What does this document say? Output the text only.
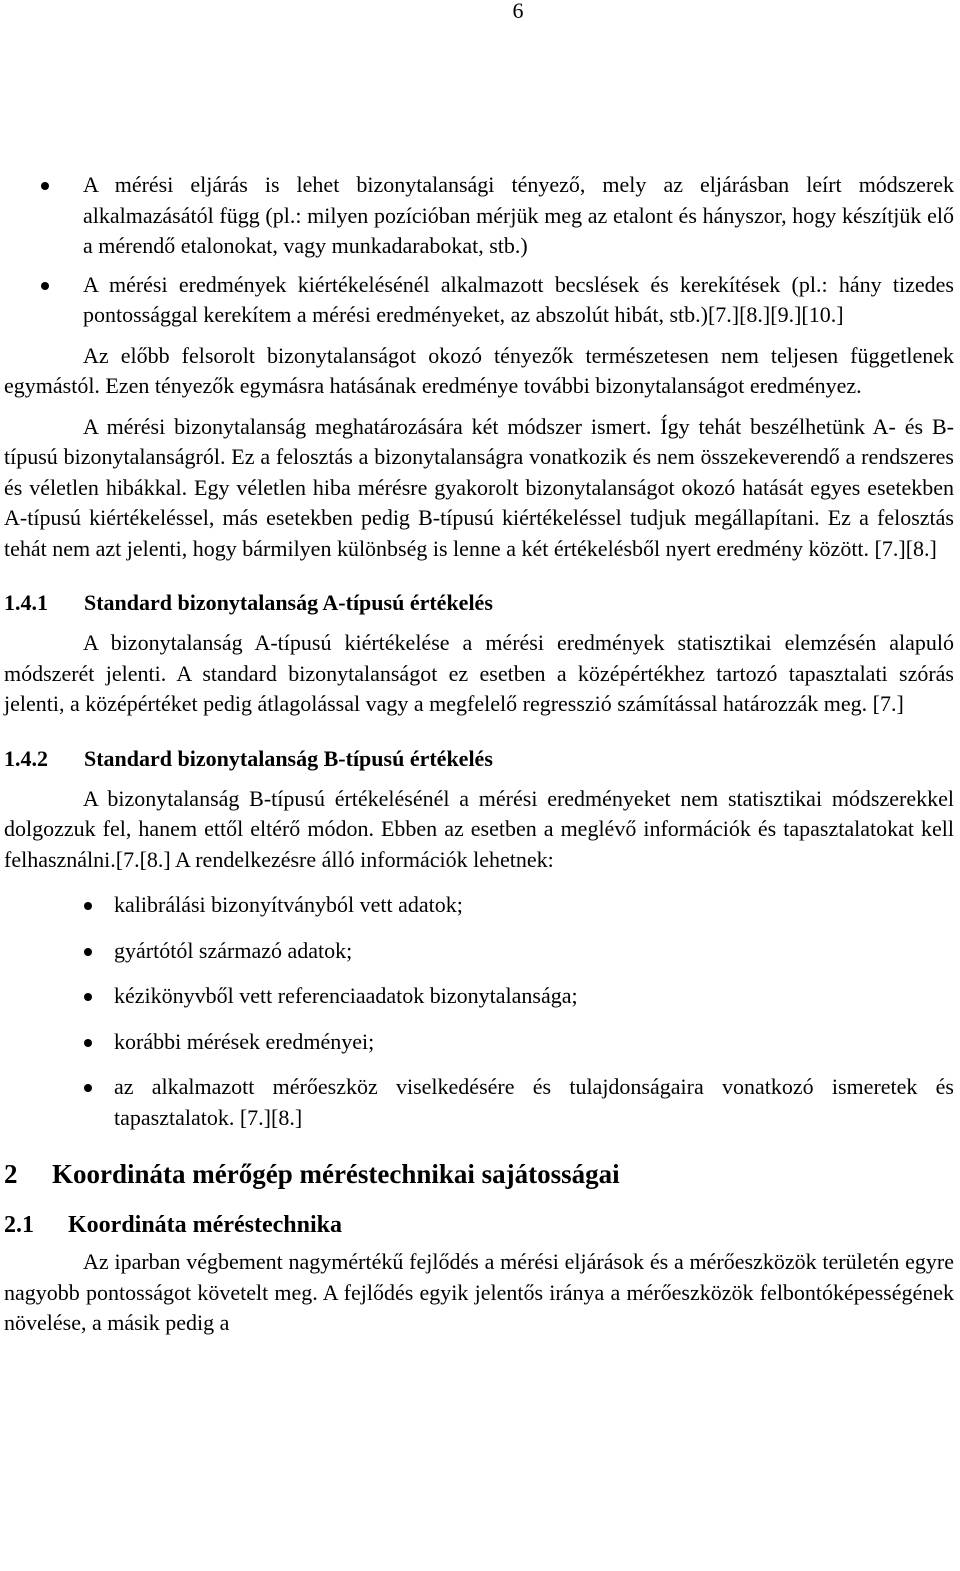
6
A mérési eljárás is lehet bizonytalansági tényező, mely az eljárásban leírt módszerek alkalmazásától függ (pl.: milyen pozícióban mérjük meg az etalont és hányszor, hogy készítjük elő a mérendő etalonokat, vagy munkadarabokat, stb.)
A mérési eredmények kiértékelésénél alkalmazott becslések és kerekítések (pl.: hány tizedes pontossággal kerekítem a mérési eredményeket, az abszolút hibát, stb.)[7.][8.][9.][10.]

Az előbb felsorolt bizonytalanságot okozó tényezők természetesen nem teljesen függetlenek egymástól. Ezen tényezők egymásra hatásának eredménye további bizonytalanságot eredményez.

A mérési bizonytalanság meghatározására két módszer ismert. Így tehát beszélhetünk A- és B-típusú bizonytalanságról. Ez a felosztás a bizonytalanságra vonatkozik és nem összekeverendő a rendszeres és véletlen hibákkal. Egy véletlen hiba mérésre gyakorolt bizonytalanságot okozó hatását egyes esetekben A-típusú kiértékeléssel, más esetekben pedig B-típusú kiértékeléssel tudjuk megállapítani. Ez a felosztás tehát nem azt jelenti, hogy bármilyen különbség is lenne a két értékelésből nyert eredmény között. [7.][8.]

1.4.1 Standard bizonytalanság A-típusú értékelés

A bizonytalanság A-típusú kiértékelése a mérési eredmények statisztikai elemzésén alapuló módszerét jelenti. A standard bizonytalanságot ez esetben a középértékhez tartozó tapasztalati szórás jelenti, a középértéket pedig átlagolással vagy a megfelelő regresszió számítással határozzák meg. [7.]

1.4.2 Standard bizonytalanság B-típusú értékelés

A bizonytalanság B-típusú értékelésénél a mérési eredményeket nem statisztikai módszerekkel dolgozzuk fel, hanem ettől eltérő módon. Ebben az esetben a meglévő információk és tapasztalatokat kell felhasználni.[7.[8.] A rendelkezésre álló információk lehetnek:

kalibrálási bizonyítványból vett adatok;
gyártótól származó adatok;
kézikönyvből vett referenciaadatok bizonytalansága;
korábbi mérések eredményei;
az alkalmazott mérőeszköz viselkedésére és tulajdonságaira vonatkozó ismeretek és tapasztalatok. [7.][8.]
2 Koordináta mérőgép méréstechnikai sajátosságai
2.1 Koordináta méréstechnika

Az iparban végbement nagymértékű fejlődés a mérési eljárások és a mérőeszközök területén egyre nagyobb pontosságot követelt meg. A fejlődés egyik jelentős iránya a mérőeszközök felbontóképességének növelése, a másik pedig a
